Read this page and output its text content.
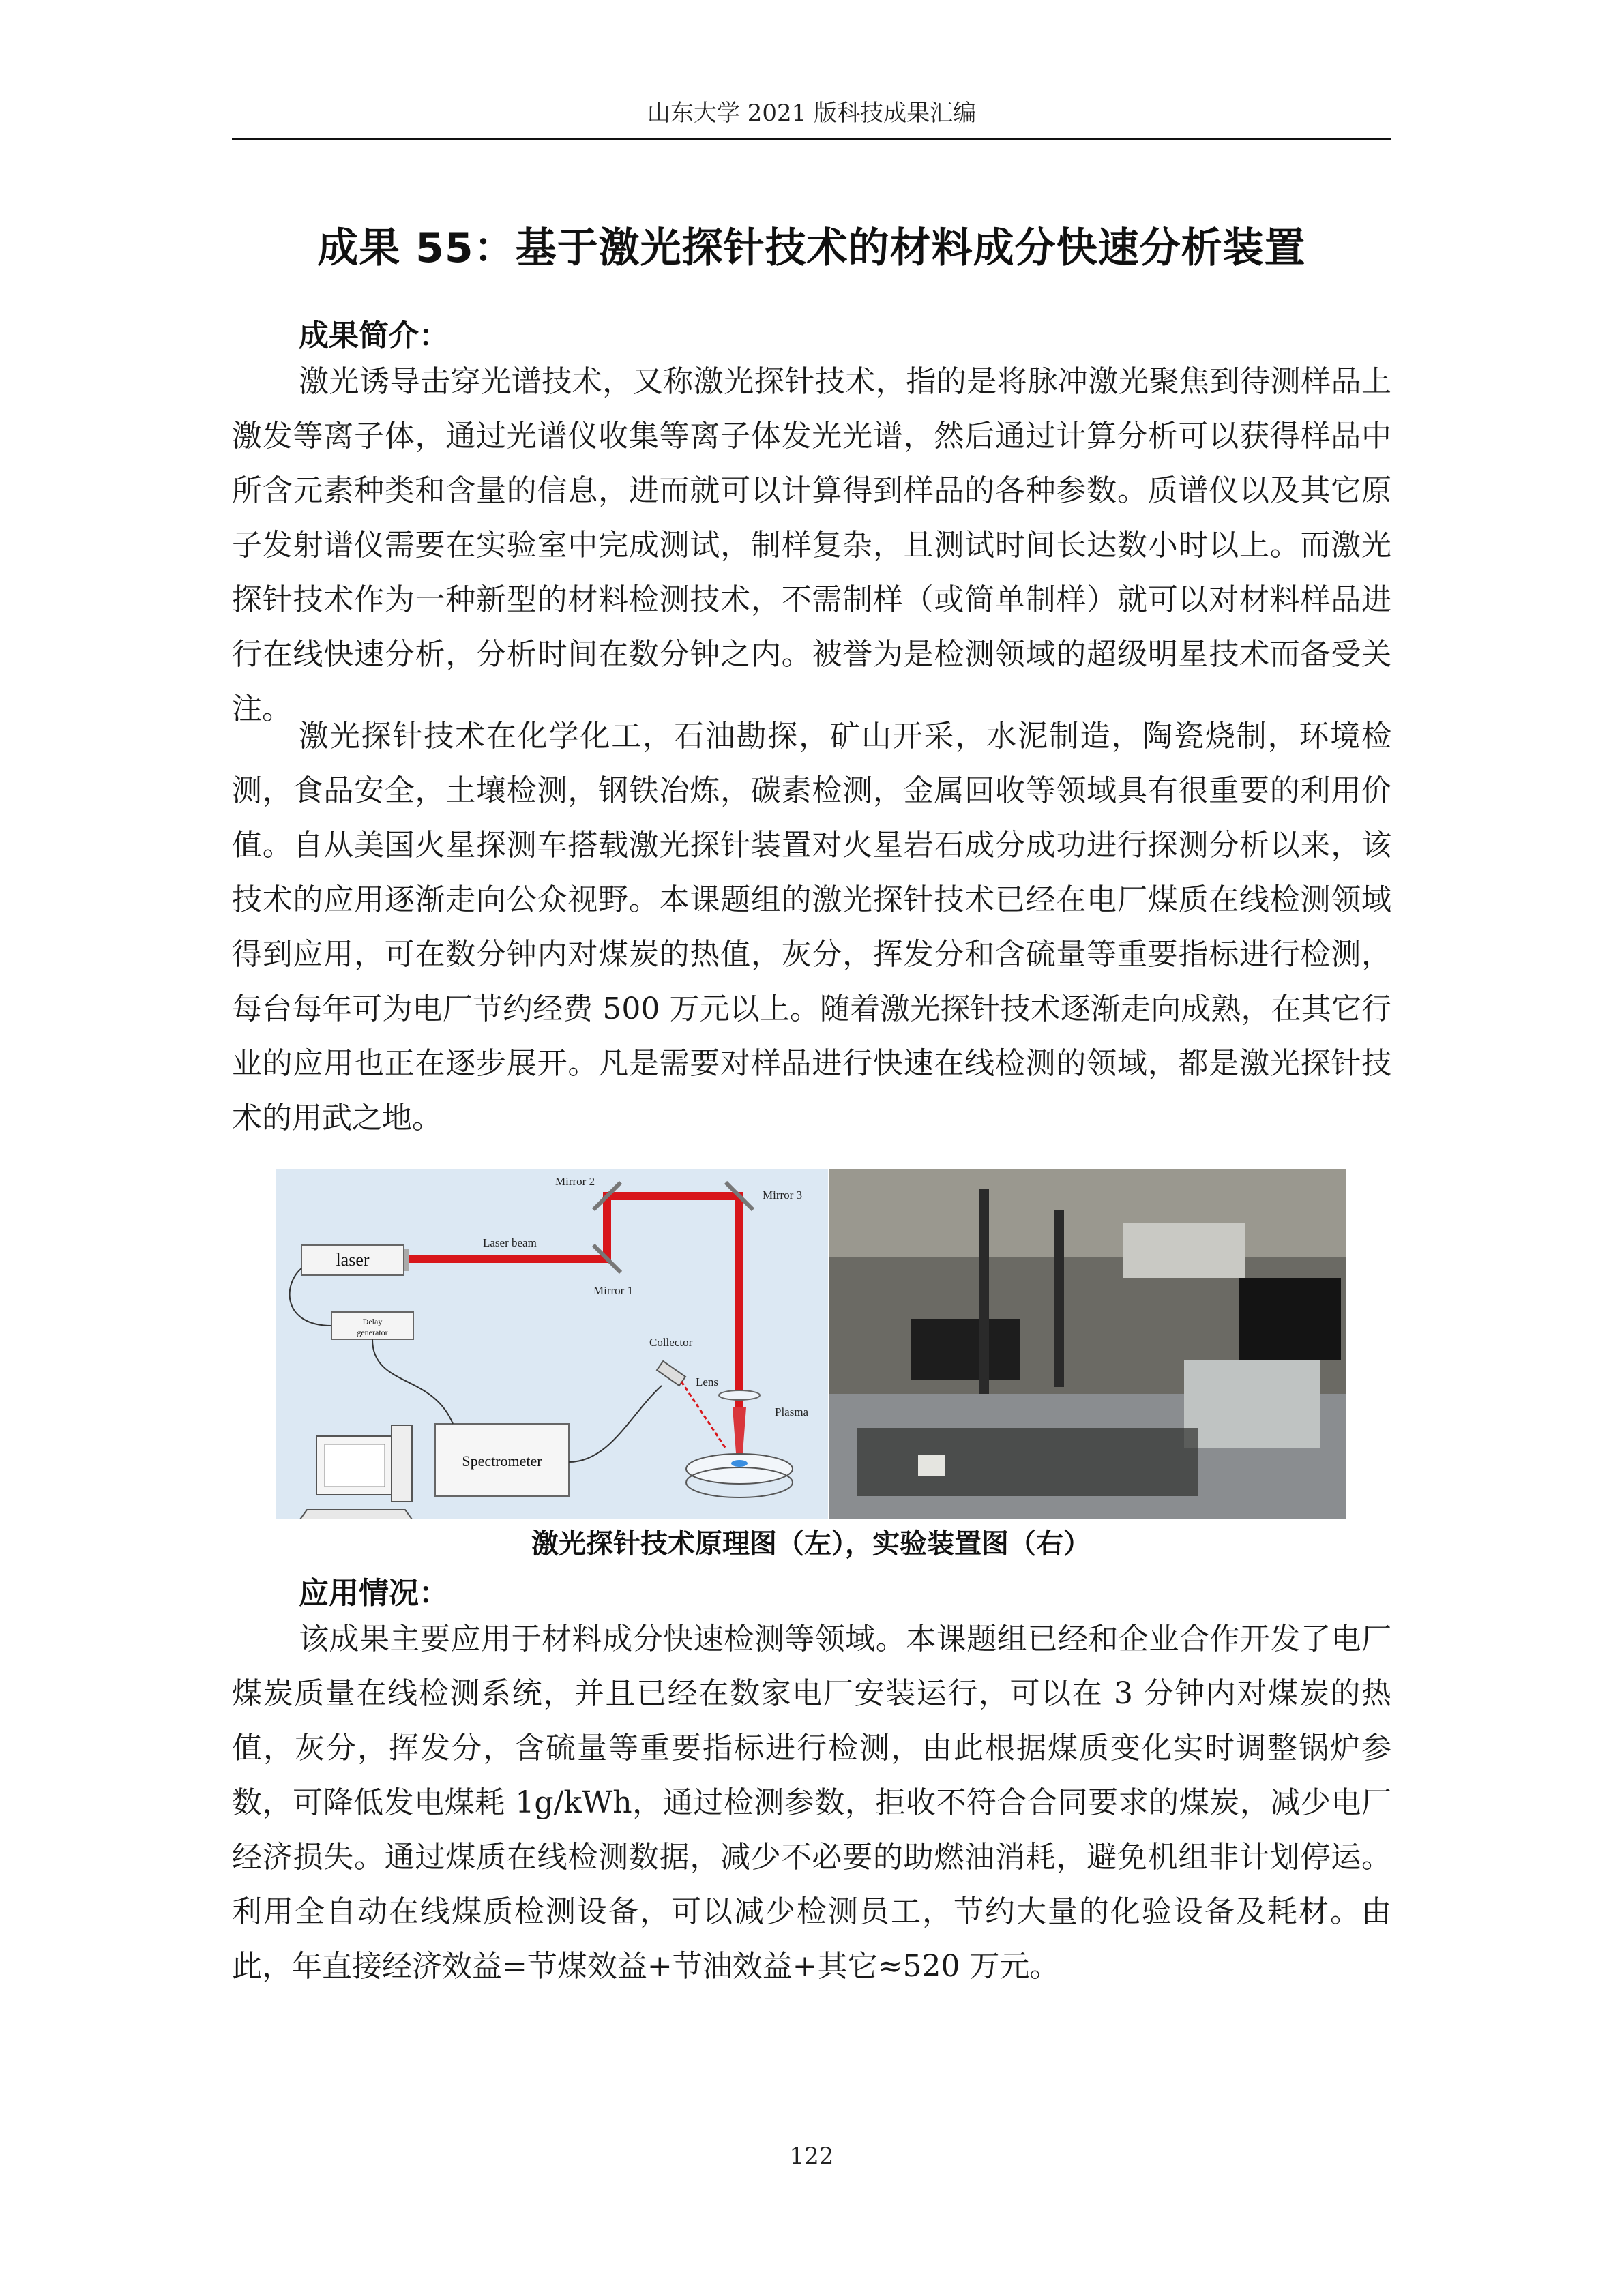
山东大学 2021 版科技成果汇编
成果 55：基于激光探针技术的材料成分快速分析装置
成果简介：

激光诱导击穿光谱技术，又称激光探针技术，指的是将脉冲激光聚焦到待测样品上激发等离子体，通过光谱仪收集等离子体发光光谱，然后通过计算分析可以获得样品中所含元素种类和含量的信息，进而就可以计算得到样品的各种参数。质谱仪以及其它原子发射谱仪需要在实验室中完成测试，制样复杂，且测试时间长达数小时以上。而激光探针技术作为一种新型的材料检测技术，不需制样（或简单制样）就可以对材料样品进行在线快速分析，分析时间在数分钟之内。被誉为是检测领域的超级明星技术而备受关注。

激光探针技术在化学化工，石油勘探，矿山开采，水泥制造，陶瓷烧制，环境检测，食品安全，土壤检测，钢铁冶炼，碳素检测，金属回收等领域具有很重要的利用价值。自从美国火星探测车搭载激光探针装置对火星岩石成分成功进行探测分析以来，该技术的应用逐渐走向公众视野。本课题组的激光探针技术已经在电厂煤质在线检测领域得到应用，可在数分钟内对煤炭的热值，灰分，挥发分和含硫量等重要指标进行检测，每台每年可为电厂节约经费 500 万元以上。随着激光探针技术逐渐走向成熟，在其它行业的应用也正在逐步展开。凡是需要对样品进行快速在线检测的领域，都是激光探针技术的用武之地。

laser
Mirror 2
Mirror 3
Mirror 1
Laser beam
Lens
Plasma
Collector
Delay
generator
Spectrometer
激光探针技术原理图（左），实验装置图（右）
应用情况：

该成果主要应用于材料成分快速检测等领域。本课题组已经和企业合作开发了电厂煤炭质量在线检测系统，并且已经在数家电厂安装运行，可以在 3 分钟内对煤炭的热值，灰分，挥发分，含硫量等重要指标进行检测，由此根据煤质变化实时调整锅炉参数，可降低发电煤耗 1g/kWh，通过检测参数，拒收不符合合同要求的煤炭，减少电厂经济损失。通过煤质在线检测数据，减少不必要的助燃油消耗，避免机组非计划停运。利用全自动在线煤质检测设备，可以减少检测员工，节约大量的化验设备及耗材。由此，年直接经济效益=节煤效益+节油效益+其它≈520 万元。

122
